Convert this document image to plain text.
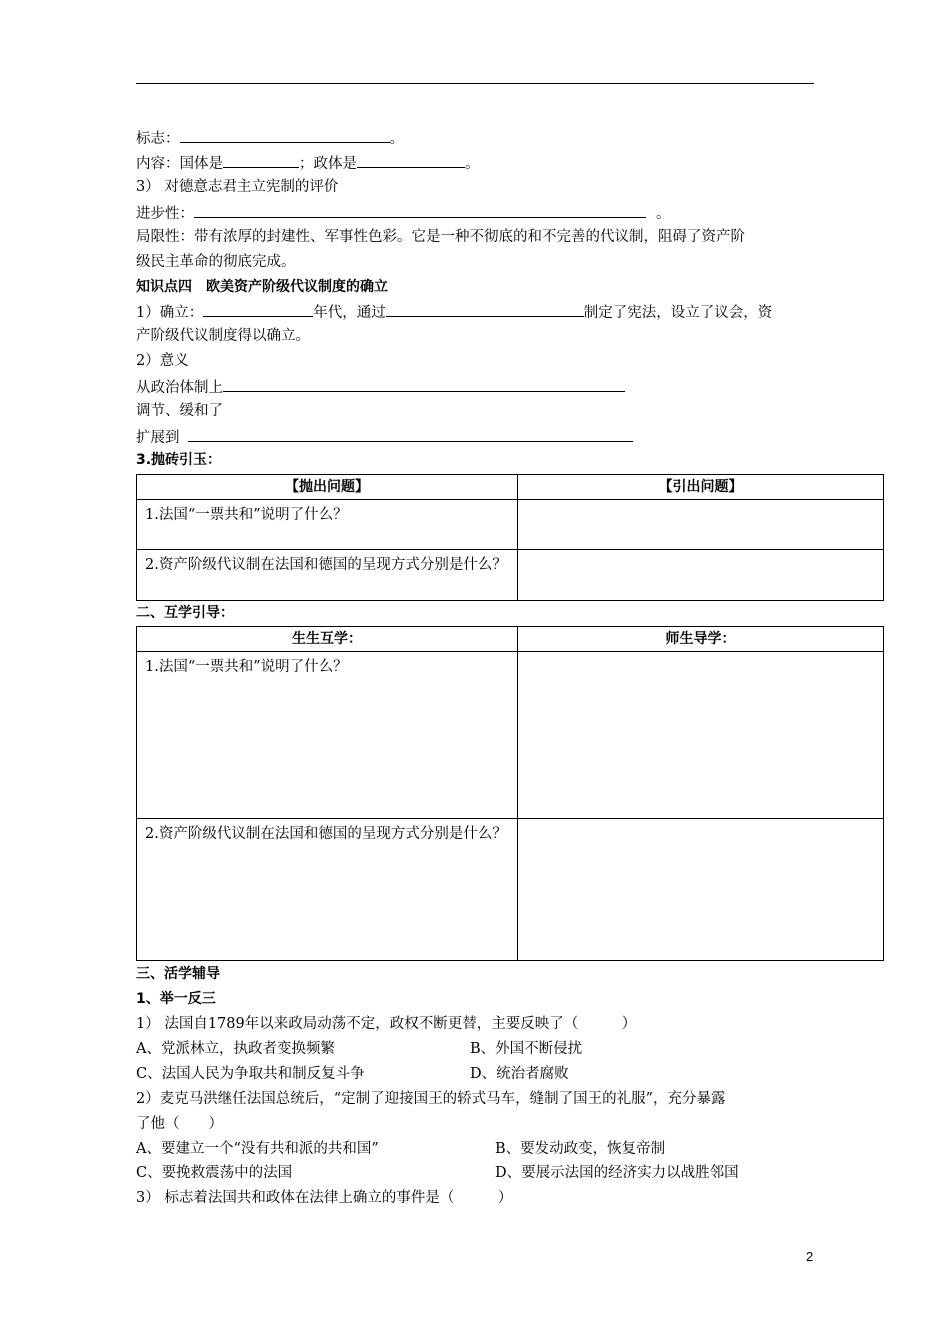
标志：	。
内容：国体是	；政体是	。
3） 对德意志君主立宪制的评价
进步性：	。
局限性：带有浓厚的封建性、军事性色彩。它是一种不彻底的和不完善的代议制，阻碍了资产阶
级民主革命的彻底完成。
知识点四　欧美资产阶级代议制度的确立
1）确立：	年代，通过	制定了宪法，设立了议会，资
产阶级代议制度得以确立。
2）意义
从政治体制上
调节、缓和了
扩展到
3.抛砖引玉：
【抛出问题】	【引出问题】
1.法国“一票共和”说明了什么？	
2.资产阶级代议制在法国和德国的呈现方式分别是什么？	
二、互学引导：
生生互学：	师生导学：
1.法国“一票共和”说明了什么？	
2.资产阶级代议制在法国和德国的呈现方式分别是什么？	
三、活学辅导
1、举一反三
1） 法国自1789年以来政局动荡不定，政权不断更替，主要反映了（　　　）
A、党派林立，执政者变换频繁	B、外国不断侵扰
C、法国人民为争取共和制反复斗争	D、统治者腐败
2）麦克马洪继任法国总统后，“定制了迎接国王的轿式马车，缝制了国王的礼服”，充分暴露
了他（　　）
A、要建立一个“没有共和派的共和国”	B、要发动政变，恢复帝制
C、要挽救震荡中的法国	D、要展示法国的经济实力以战胜邻国
3） 标志着法国共和政体在法律上确立的事件是（　　　）
2
